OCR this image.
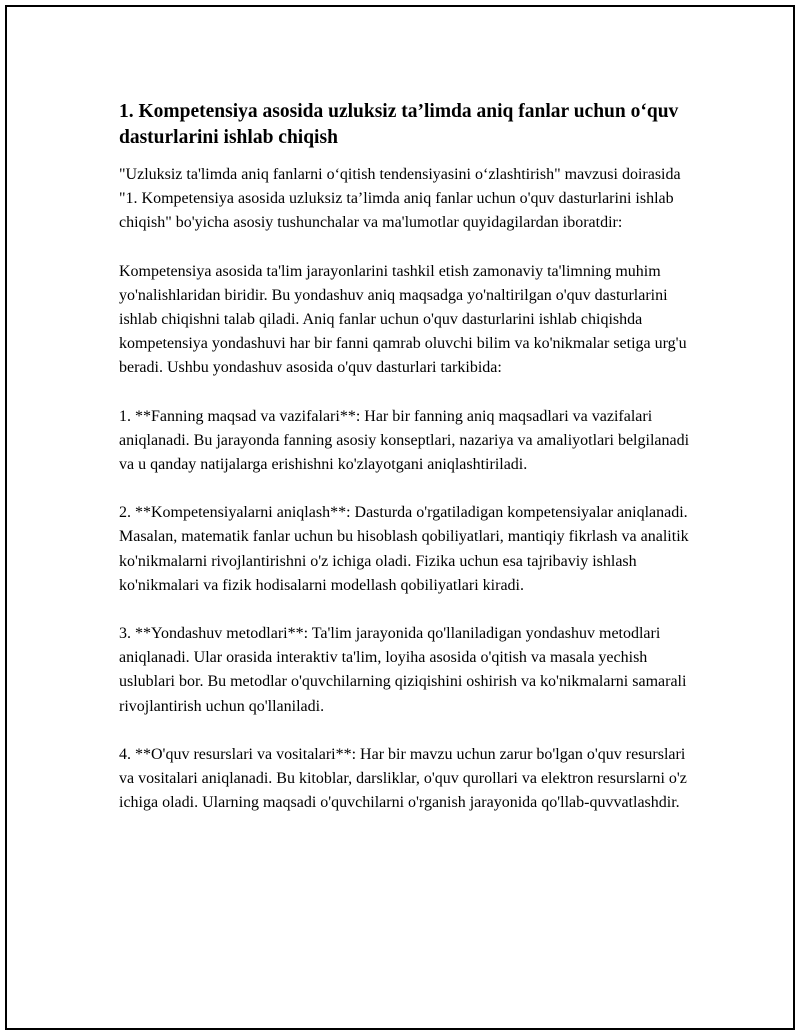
1. Kompetensiya asosida uzluksiz ta’limda aniq fanlar uchun o‘quv dasturlarini ishlab chiqish

"Uzluksiz ta'limda aniq fanlarni o‘qitish tendensiyasini o‘zlashtirish" mavzusi doirasida "1. Kompetensiya asosida uzluksiz ta’limda aniq fanlar uchun o'quv dasturlarini ishlab chiqish" bo'yicha asosiy tushunchalar va ma'lumotlar quyidagilardan iboratdir:

Kompetensiya asosida ta'lim jarayonlarini tashkil etish zamonaviy ta'limning muhim yo'nalishlaridan biridir. Bu yondashuv aniq maqsadga yo'naltirilgan o'quv dasturlarini ishlab chiqishni talab qiladi. Aniq fanlar uchun o'quv dasturlarini ishlab chiqishda kompetensiya yondashuvi har bir fanni qamrab oluvchi bilim va ko'nikmalar setiga urg'u beradi. Ushbu yondashuv asosida o'quv dasturlari tarkibida:

1. **Fanning maqsad va vazifalari**: Har bir fanning aniq maqsadlari va vazifalari aniqlanadi. Bu jarayonda fanning asosiy konseptlari, nazariya va amaliyotlari belgilanadi va u qanday natijalarga erishishni ko'zlayotgani aniqlashtiriladi.

2. **Kompetensiyalarni aniqlash**: Dasturda o'rgatiladigan kompetensiyalar aniqlanadi. Masalan, matematik fanlar uchun bu hisoblash qobiliyatlari, mantiqiy fikrlash va analitik ko'nikmalarni rivojlantirishni o'z ichiga oladi. Fizika uchun esa tajribaviy ishlash ko'nikmalari va fizik hodisalarni modellash qobiliyatlari kiradi.

3. **Yondashuv metodlari**: Ta'lim jarayonida qo'llaniladigan yondashuv metodlari aniqlanadi. Ular orasida interaktiv ta'lim, loyiha asosida o'qitish va masala yechish uslublari bor. Bu metodlar o'quvchilarning qiziqishini oshirish va ko'nikmalarni samarali rivojlantirish uchun qo'llaniladi.

4. **O'quv resurslari va vositalari**: Har bir mavzu uchun zarur bo'lgan o'quv resurslari va vositalari aniqlanadi. Bu kitoblar, darsliklar, o'quv qurollari va elektron resurslarni o'z ichiga oladi. Ularning maqsadi o'quvchilarni o'rganish jarayonida qo'llab-quvvatlashdir.
